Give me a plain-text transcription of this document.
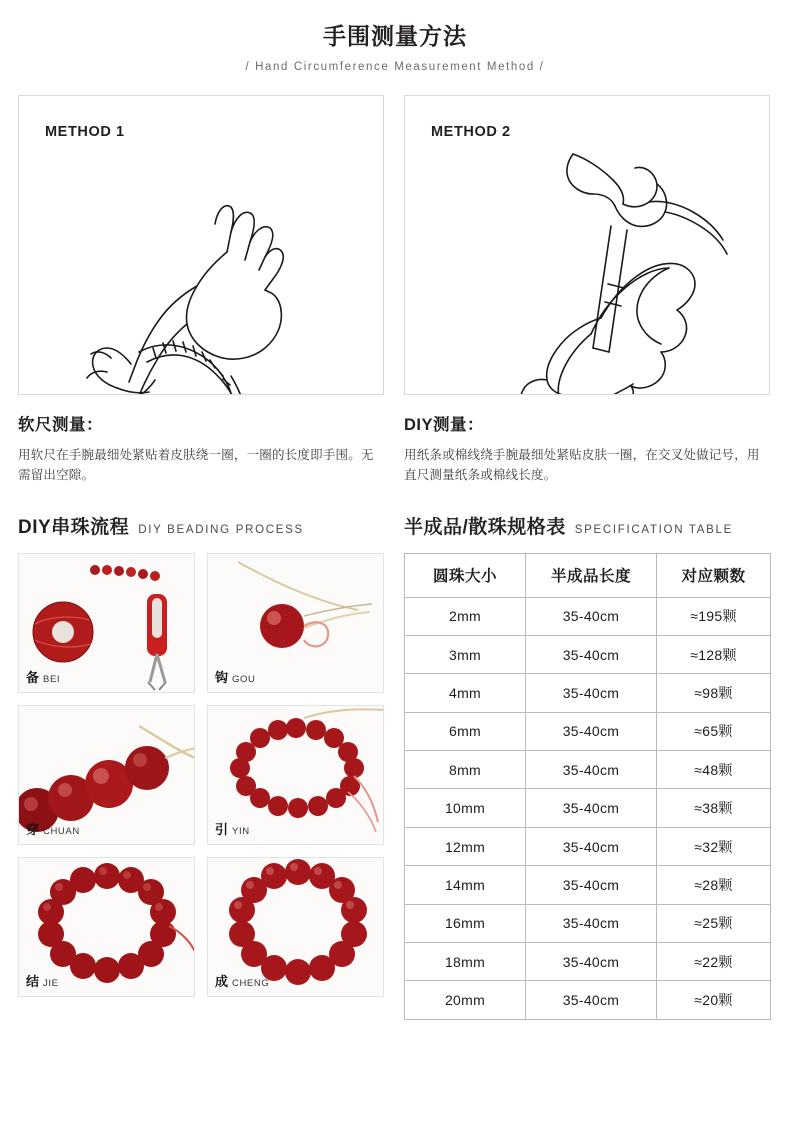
手围测量方法
/ Hand Circumference Measurement Method /
METHOD 1
软尺测量：
用软尺在手腕最细处紧贴着皮肤绕一圈，一圈的长度即手围。无需留出空隙。
METHOD 2
DIY测量：
用纸条或棉线绕手腕最细处紧贴皮肤一圈，在交叉处做记号，用直尺测量纸条或棉线长度。
DIY串珠流程 DIY BEADING PROCESS
备 BEI	钩 GOU
穿 CHUAN	引 YIN
结 JIE	成 CHENG
半成品/散珠规格表 SPECIFICATION TABLE
圆珠大小	半成品长度	对应颗数
2mm	35-40cm	≈195颗
3mm	35-40cm	≈128颗
4mm	35-40cm	≈98颗
6mm	35-40cm	≈65颗
8mm	35-40cm	≈48颗
10mm	35-40cm	≈38颗
12mm	35-40cm	≈32颗
14mm	35-40cm	≈28颗
16mm	35-40cm	≈25颗
18mm	35-40cm	≈22颗
20mm	35-40cm	≈20颗
